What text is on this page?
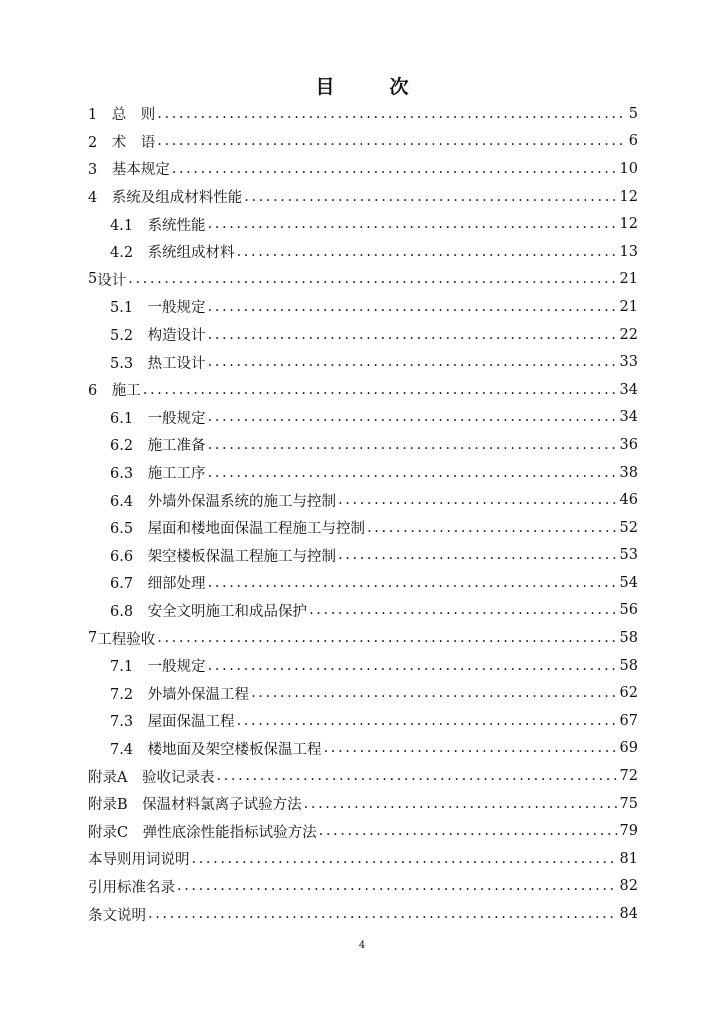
目　次
1　 总　则 .....	5
2　 术　语 .....	6
3　 基本规定 .....	10
4　 系统及组成材料性能 .....	12
4.1　 系统性能 .....	12
4.2　 系统组成材料 .....	13
5 设计 .....	21
5.1　 一般规定 .....	21
5.2　 构造设计 .....	22
5.3　 热工设计 .....	33
6　 施工 .....	34
6.1　 一般规定 .....	34
6.2　 施工准备 .....	36
6.3　 施工工序 .....	38
6.4　 外墙外保温系统的施工与控制 .....	46
6.5　 屋面和楼地面保温工程施工与控制 .....	52
6.6　 架空楼板保温工程施工与控制 .....	53
6.7　 细部处理 .....	54
6.8　 安全文明施工和成品保护 .....	56
7 工程验收 .....	58
7.1　 一般规定 .....	58
7.2　 外墙外保温工程 .....	62
7.3　 屋面保温工程 .....	67
7.4　 楼地面及架空楼板保温工程 .....	69
附录A　 验收记录表 .....	72
附录B　 保温材料氯离子试验方法 .....	75
附录C　 弹性底涂性能指标试验方法 .....	79
本导则用词说明 .....	81
引用标准名录 .....	82
条文说明 .....	84
4
